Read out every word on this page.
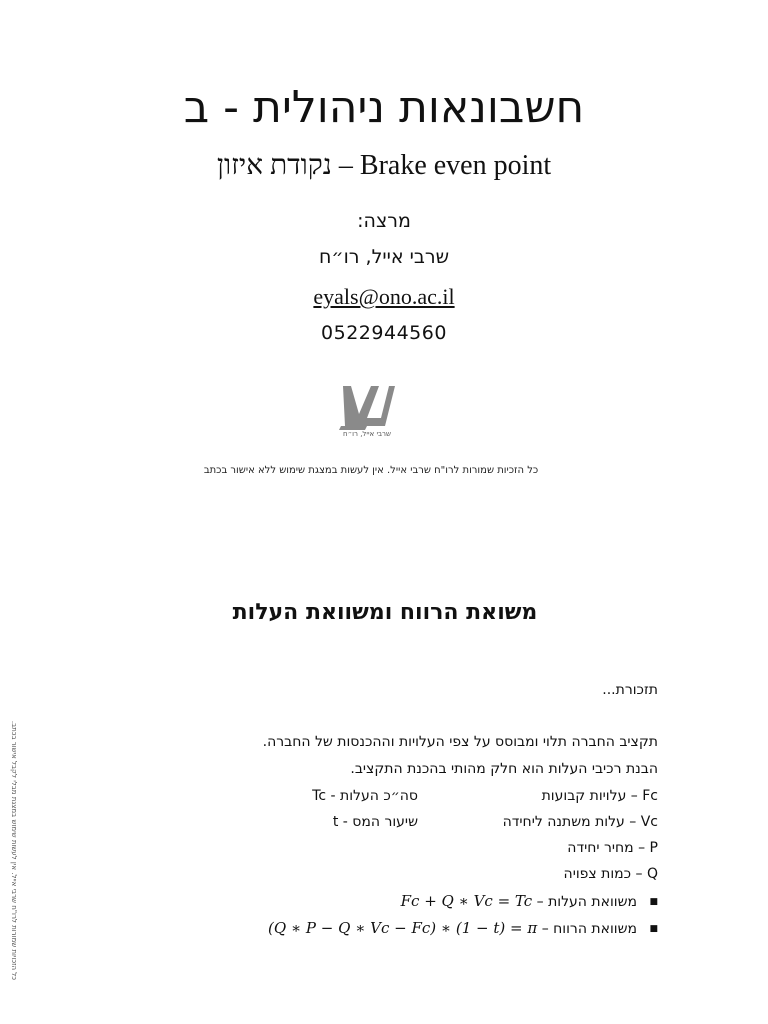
חשבונאות ניהולית - ב
Brake even point – נקודת איזון
מרצה:
שרבי אייל, רו״ח
eyals@ono.ac.il
0522944560
שרבי אייל, רו״ח
כל הזכיות שמורות לרו"ח שרבי אייל. אין לעשות במצגת שימוש ללא אישור בכתב
משואת הרווח ומשוואת העלות
תזכורת...
תקציב החברה תלוי ומבוסס על צפי העלויות וההכנסות של החברה.
הבנת רכיבי העלות הוא חלק מהותי בהכנת התקציב.
Fc – עלויות קבועות
סה״כ העלות - Tc
Vc – עלות משתנה ליחידה
שיעור המס - t
P – מחיר יחידה
Q – כמות צפויה
■ משוואת העלות – Fc + Q ∗ Vc = Tc
■ משוואת הרווח – (Q ∗ P − Q ∗ Vc − Fc) ∗ (1 − t) = π
כל הזכויות שמורות לרו"ח שרבי אייל. אין לעשות שימוש במצגת מבלי לקבל אישור בכתב.
